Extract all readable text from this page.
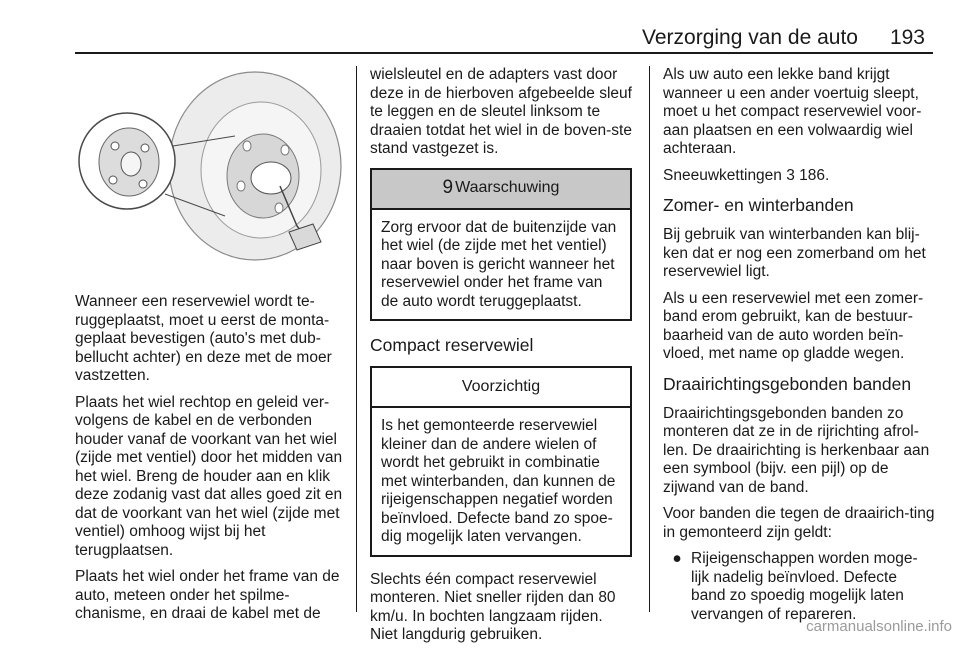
Verzorging van de auto 193

Wanneer een reservewiel wordt te-ruggeplaatst, moet u eerst de monta-geplaat bevestigen (auto's met dub-bellucht achter) en deze met de moer vastzetten.

Plaats het wiel rechtop en geleid ver-volgens de kabel en de verbonden houder vanaf de voorkant van het wiel (zijde met ventiel) door het midden van het wiel. Breng de houder aan en klik deze zodanig vast dat alles goed zit en dat de voorkant van het wiel (zijde met ventiel) omhoog wijst bij het terugplaatsen.

Plaats het wiel onder het frame van de auto, meteen onder het spilme-chanisme, en draai de kabel met de

wielsleutel en de adapters vast door deze in de hierboven afgebeelde sleuf te leggen en de sleutel linksom te draaien totdat het wiel in de boven-ste stand vastgezet is.

9 Waarschuwing

Zorg ervoor dat de buitenzijde van het wiel (de zijde met het ventiel) naar boven is gericht wanneer het reservewiel onder het frame van de auto wordt teruggeplaatst.

Compact reservewiel
Voorzichtig

Is het gemonteerde reservewiel kleiner dan de andere wielen of wordt het gebruikt in combinatie met winterbanden, dan kunnen de rijeigenschappen negatief worden beïnvloed. Defecte band zo spoe-dig mogelijk laten vervangen.

Slechts één compact reservewiel monteren. Niet sneller rijden dan 80 km/u. In bochten langzaam rijden. Niet langdurig gebruiken.

Als uw auto een lekke band krijgt wanneer u een ander voertuig sleept, moet u het compact reservewiel voor-aan plaatsen en een volwaardig wiel achteraan.

Sneeuwkettingen 3 186.

Zomer- en winterbanden

Bij gebruik van winterbanden kan blij-ken dat er nog een zomerband om het reservewiel ligt.

Als u een reservewiel met een zomer-band erom gebruikt, kan de bestuur-baarheid van de auto worden beïn-vloed, met name op gladde wegen.

Draairichtingsgebonden banden

Draairichtingsgebonden banden zo monteren dat ze in de rijrichting afrol-len. De draairichting is herkenbaar aan een symbool (bijv. een pijl) op de zijwand van de band.

Voor banden die tegen de draairich-ting in gemonteerd zijn geldt:

● Rijeigenschappen worden moge-lijk nadelig beïnvloed. Defecte band zo spoedig mogelijk laten vervangen of repareren.
carmanualsonline.info
